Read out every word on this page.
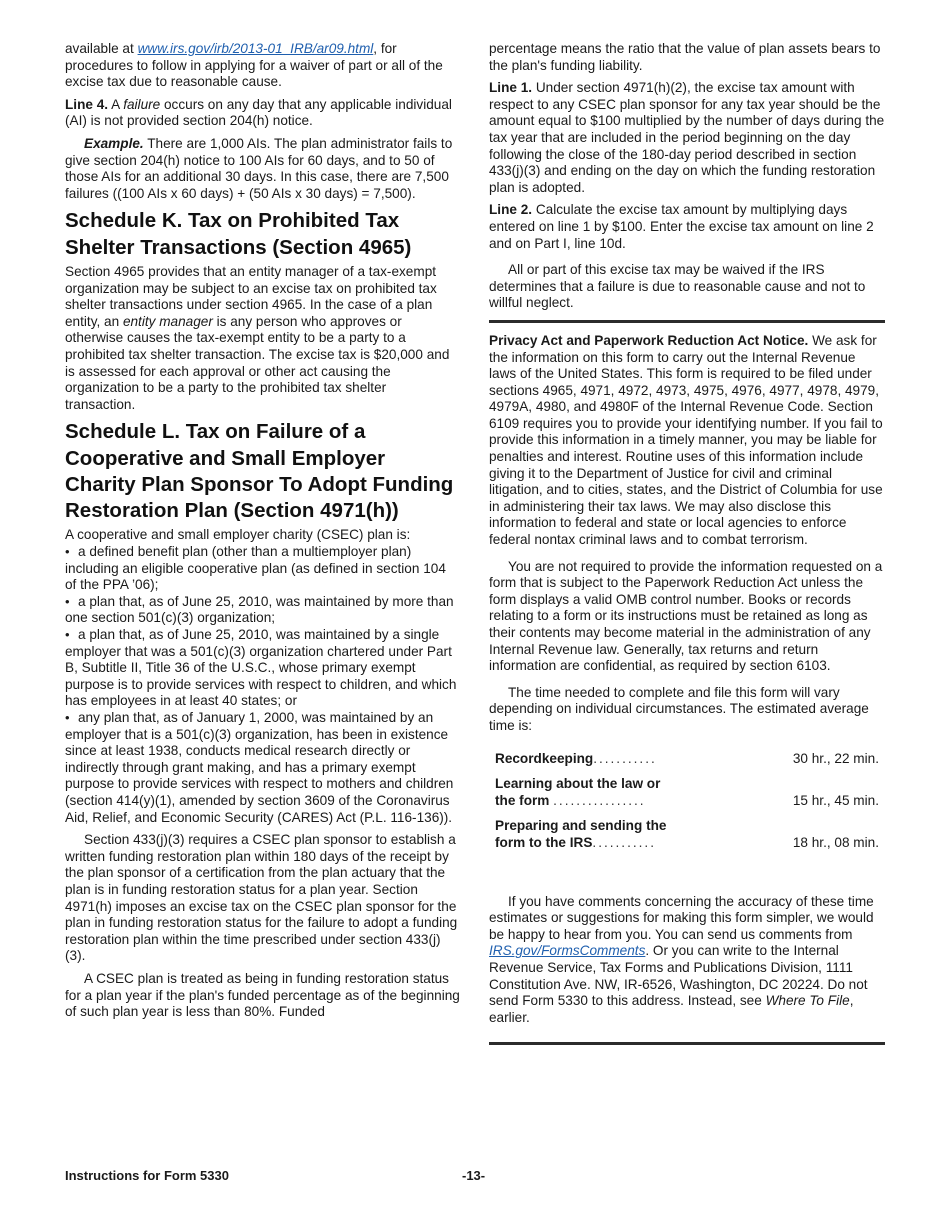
available at www.irs.gov/irb/2013-01_IRB/ar09.html, for procedures to follow in applying for a waiver of part or all of the excise tax due to reasonable cause.

Line 4. A failure occurs on any day that any applicable individual (AI) is not provided section 204(h) notice.

Example. There are 1,000 AIs. The plan administrator fails to give section 204(h) notice to 100 AIs for 60 days, and to 50 of those AIs for an additional 30 days. In this case, there are 7,500 failures ((100 AIs x 60 days) + (50 AIs x 30 days) = 7,500).

Schedule K. Tax on Prohibited Tax Shelter Transactions (Section 4965)

Section 4965 provides that an entity manager of a tax-exempt organization may be subject to an excise tax on prohibited tax shelter transactions under section 4965. In the case of a plan entity, an entity manager is any person who approves or otherwise causes the tax-exempt entity to be a party to a prohibited tax shelter transaction. The excise tax is $20,000 and is assessed for each approval or other act causing the organization to be a party to the prohibited tax shelter transaction.

Schedule L. Tax on Failure of a Cooperative and Small Employer Charity Plan Sponsor To Adopt Funding Restoration Plan (Section 4971(h))

A cooperative and small employer charity (CSEC) plan is:

• a defined benefit plan (other than a multiemployer plan) including an eligible cooperative plan (as defined in section 104 of the PPA ’06);

• a plan that, as of June 25, 2010, was maintained by more than one section 501(c)(3) organization;

• a plan that, as of June 25, 2010, was maintained by a single employer that was a 501(c)(3) organization chartered under Part B, Subtitle II, Title 36 of the U.S.C., whose primary exempt purpose is to provide services with respect to children, and which has employees in at least 40 states; or

• any plan that, as of January 1, 2000, was maintained by an employer that is a 501(c)(3) organization, has been in existence since at least 1938, conducts medical research directly or indirectly through grant making, and has a primary exempt purpose to provide services with respect to mothers and children (section 414(y)(1), amended by section 3609 of the Coronavirus Aid, Relief, and Economic Security (CARES) Act (P.L. 116-136)).

Section 433(j)(3) requires a CSEC plan sponsor to establish a written funding restoration plan within 180 days of the receipt by the plan sponsor of a certification from the plan actuary that the plan is in funding restoration status for a plan year. Section 4971(h) imposes an excise tax on the CSEC plan sponsor for the plan in funding restoration status for the failure to adopt a funding restoration plan within the time prescribed under section 433(j)(3).

A CSEC plan is treated as being in funding restoration status for a plan year if the plan's funded percentage as of the beginning of such plan year is less than 80%. Funded

percentage means the ratio that the value of plan assets bears to the plan's funding liability.

Line 1. Under section 4971(h)(2), the excise tax amount with respect to any CSEC plan sponsor for any tax year should be the amount equal to $100 multiplied by the number of days during the tax year that are included in the period beginning on the day following the close of the 180-day period described in section 433(j)(3) and ending on the day on which the funding restoration plan is adopted.

Line 2. Calculate the excise tax amount by multiplying days entered on line 1 by $100. Enter the excise tax amount on line 2 and on Part I, line 10d.

All or part of this excise tax may be waived if the IRS determines that a failure is due to reasonable cause and not to willful neglect.

Privacy Act and Paperwork Reduction Act Notice. We ask for the information on this form to carry out the Internal Revenue laws of the United States. This form is required to be filed under sections 4965, 4971, 4972, 4973, 4975, 4976, 4977, 4978, 4979, 4979A, 4980, and 4980F of the Internal Revenue Code. Section 6109 requires you to provide your identifying number. If you fail to provide this information in a timely manner, you may be liable for penalties and interest. Routine uses of this information include giving it to the Department of Justice for civil and criminal litigation, and to cities, states, and the District of Columbia for use in administering their tax laws. We may also disclose this information to federal and state or local agencies to enforce federal nontax criminal laws and to combat terrorism.

You are not required to provide the information requested on a form that is subject to the Paperwork Reduction Act unless the form displays a valid OMB control number. Books or records relating to a form or its instructions must be retained as long as their contents may become material in the administration of any Internal Revenue law. Generally, tax returns and return information are confidential, as required by section 6103.

The time needed to complete and file this form will vary depending on individual circumstances. The estimated average time is:

Recordkeeping...........	30 hr., 22 min.
Learning about the law or
the form ................	15 hr., 45 min.
Preparing and sending the
form to the IRS...........	18 hr., 08 min.

If you have comments concerning the accuracy of these time estimates or suggestions for making this form simpler, we would be happy to hear from you. You can send us comments from IRS.gov/FormsComments. Or you can write to the Internal Revenue Service, Tax Forms and Publications Division, 1111 Constitution Ave. NW, IR-6526, Washington, DC 20224. Do not send Form 5330 to this address. Instead, see Where To File, earlier.

Instructions for Form 5330	-13-
